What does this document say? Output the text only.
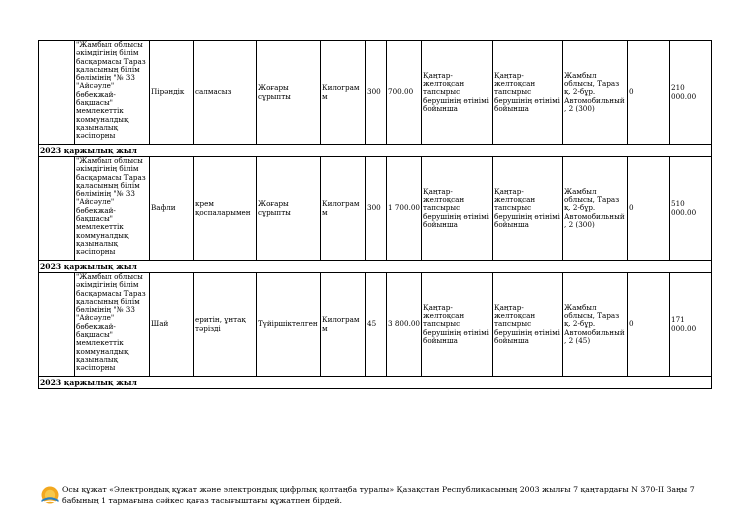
	"Жамбыл облысы әкімдігінің білім басқармасы Тараз қаласының білім бөлімінің "№ 33 "Айсәуле" бөбекжай-бақшасы" мемлекеттік коммуналдық қазыналық кәсіпорны	Пірәндік	салмасыз	Жоғары сұрыпты	Килограмм	300	700.00	Қаңтар-желтоқсан тапсырыс берушінің өтінімі бойынша	Қаңтар-желтоқсан тапсырыс берушінің өтінімі бойынша	Жамбыл облысы, Тараз қ. 2-бұр. Автомобильный, 2 (300)	0	210 000.00
2023 қаржылық жыл												
	"Жамбыл облысы әкімдігінің білім басқармасы Тараз қаласының білім бөлімінің "№ 33 "Айсәуле" бөбекжай-бақшасы" мемлекеттік коммуналдық қазыналық кәсіпорны	Вафли	крем қоспаларымен	Жоғары сұрыпты	Килограмм	300	1 700.00	Қаңтар-желтоқсан тапсырыс берушінің өтінімі бойынша	Қаңтар-желтоқсан тапсырыс берушінің өтінімі бойынша	Жамбыл облысы, Тараз қ. 2-бұр. Автомобильный, 2 (300)	0	510 000.00
2023 қаржылық жыл												
	"Жамбыл облысы әкімдігінің білім басқармасы Тараз қаласының білім бөлімінің "№ 33 "Айсәуле" бөбекжай-бақшасы" мемлекеттік коммуналдық қазыналық кәсіпорны	Шай	еритін, ұнтақ тәрізді	Түйіршіктелген	Килограмм	45	3 800.00	Қаңтар-желтоқсан тапсырыс берушінің өтінімі бойынша	Қаңтар-желтоқсан тапсырыс берушінің өтінімі бойынша	Жамбыл облысы, Тараз қ. 2-бұр. Автомобильный, 2 (45)	0	171 000.00
2023 қаржылық жыл												
Осы құжат «Электрондық құжат және электрондық цифрлық қолтаңба туралы» Қазақстан Республикасының 2003 жылғы 7 қаңтардағы N 370-II Заңы 7 бабының 1 тармағына сәйкес қағаз тасығыштағы құжатпен бірдей.
